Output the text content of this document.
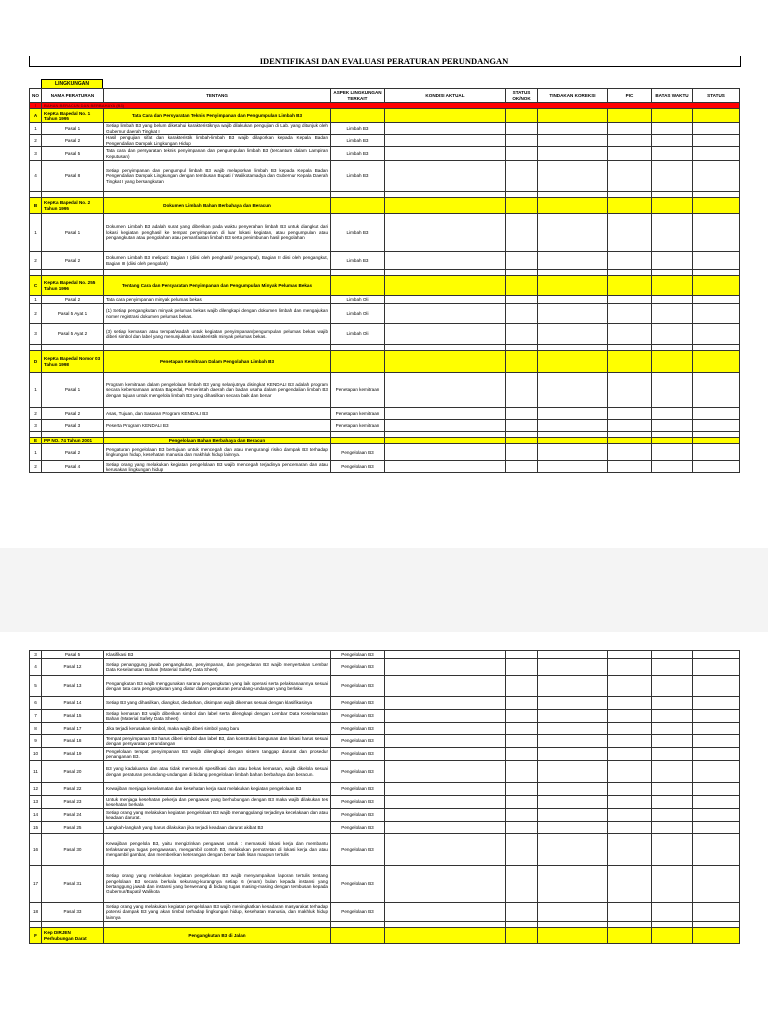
IDENTIFIKASI DAN EVALUASI PERATURAN PERUNDANGAN
LINGKUNGAN
NO	NAMA PERATURAN	TENTANG	ASPEK LINGKUNGAN TERKAIT	KONDISI AKTUAL	STATUS OK/NOK	TINDAKAN KOREKSI	PIC	BATAS WAKTU	STATUS
I	BAHAN BERACUN DAN BERBAHAYA (B3)								
A	KepKa Bapedal No. 1 Tahun 1995	Tata Cara dan Persyaratan Teknis Penyimpanan dan Pengumpulan Limbah B3							
1	Pasal 1	Setiap limbah B3 yang belum diketahui karakteristiknya wajib dilakukan pengujian di Lab. yang ditunjuk oleh Gubernur daerah Tingkat I	Limbah B3						
2	Pasal 2	Hasil pengujian sifat dan karakteristik limbah-limbah B3 wajib dilaporkan kepada Kepala Badan Pengendalian Dampak Lingkungan Hidup	Limbah B3						
3	Pasal 5	Tata cara dan persyaratan teknis penyimpanan dan pengumpulan limbah B3 (tercantum dalam Lampiran Keputusan)	Limbah B3						
4	Pasal 8	Setiap penyimpanan dan pengumpul limbah B3 wajib melaporkan limbah B3 kepada Kepala Badan Pengendalian Dampak Lingkungan dengan tembusan Bupati / Walikotamadya dan Gubernur Kepala Daerah Tingkat I yang bersangkutan	Limbah B3						

B	KepKa Bapedal No. 2 Tahun 1995	Dokumen Limbah Bahan Berbahaya dan Beracun							
1	Pasal 1	Dokumen Limbah B3 adalah surat yang diberikan pada waktu penyerahan limbah B3 untuk diangkut dari lokasi kegiatan penghasil ke tempat penyimpanan di luar lokasi kegiatan, atau pengumpulan atau pengangkutan atau pengolahan atau pemanfaatan limbah B3 serta penimbunan hasil pengolahan	Limbah B3						
2	Pasal 2	Dokumen Limbah B3 meliputi: Bagian I (diisi oleh penghasil/ pengumpul), Bagian II diisi oleh pengangkut, Bagian III (diisi oleh pengolah)	Limbah B3						

C	KepKa Bapedal No. 255 Tahun 1996	Tentang Cara dan Persyaratan Penyimpanan dan Pengumpulan Minyak Pelumas Bekas							
1	Pasal 2	Tata cara penyimpanan minyak pelumas bekas	Limbah Oli						
2	Pasal 5 Ayat 1	(1) Setiap pengangkutan minyak pelumas bekas wajib dilengkapi dengan dokumen limbah dan mengajukan nomer registrasi dokumen pelumas bekas.	Limbah Oli						
3	Pasal 5 Ayat 2	(3) setiap kemasan atau tempat/wadah untuk kegiatan penyimpanan/pengumpulan pelumas bekas wajib diberi simbol dan label yang menunjukkan karakteristik minyak pelumas bekas.	Limbah Oli						

D	KepKa Bapedal Nomor 03 Tahun 1998	Penetapan Kemitraan Dalam Pengolahan Limbah B3							
1	Pasal 1	Program kemitraan dalam pengelolaan limbah B3 yang selanjutnya disingkat KENDALI B3 adalah program secara kebersamaan antara Bapedal, Pemerintah daerah dan badan usaha dalam pengendalian limbah B3 dengan tujuan untuk mengelola limbah B3 yang dihasilkan secara baik dan benar	Penetapan kemitraan						
2	Pasal 2	Asas, Tujuan, dan Sasaran Program KENDALI B3	Penetapan kemitraan						
3	Pasal 3	Peserta Program KENDALI B3	Penetapan kemitraan						

E	PP NO. 74 Tahun 2001	Pengelolaan Bahan Berbahaya dan Beracun							
1	Pasal 2	Pengaturan pengelolaan B3 bertujuan untuk mencegah dan atau mengurangi risiko dampak B3 terhadap lingkungan hidup, kesehatan manusia dan makhluk hidup lainnya.	Pengelolaan B3						
2	Pasal 4	Setiap orang yang melakukan kegiatan pengelolaan B3 wajib mencegah terjadinya pencemaran dan atau kerusakan lingkungan hidup	Pengelolaan B3						
3	Pasal 5	Klasifikasi B3	Pengelolaan B3						
4	Pasal 12	Setiap penanggung jawab pengangkutan, penyimpanan, dan pengedaran B3 wajib menyertakan Lembar Data Keselamatan Bahan (Material Safety Data Sheet)	Pengelolaan B3						
5	Pasal 13	Pengangkutan B3 wajib menggunakan sarana pengangkutan yang laik operasi serta pelaksanaannya sesuai dengan tata cara pengangkutan yang diatur dalam peraturan perundang-undangan yang berlaku	Pengelolaan B3						
6	Pasal 14	Setiap B3 yang dihasilkan, diangkut, diedarkan, disimpan wajib dikemas sesuai dengan klasifikasinya	Pengelolaan B3						
7	Pasal 15	Setiap kemasan B3 wajib diberikan simbol dan label serta dilengkapi dengan Lembar Data Keselamatan Bahan (Material Safety Data Sheet)	Pengelolaan B3						
8	Pasal 17	Jika terjadi kerusakan simbol, maka wajib diberi simbol yang baru	Pengelolaan B3						
9	Pasal 18	Tempat penyimpanan B3 harus diberi simbol dan label B3, dan konstruksi bangunan dan lokasi harus sesuai dengan persyaratan perundangan	Pengelolaan B3						
10	Pasal 19	Pengelolaan tempat penyimpanan B3 wajib dilengkapi dengan sistem tanggap darurat dan prosedur penanganan B3.	Pengelolaan B3						
11	Pasal 20	B3 yang kadaluarsa dan atau tidak memenuhi spesifikasi dan atau bekas kemasan, wajib dikelola sesuai dengan peraturan perundang-undangan di bidang pengelolaan limbah bahan berbahaya dan beracun.	Pengelolaan B3						
12	Pasal 22	Kewajiban menjaga keselamatan dan kesehatan kerja saat melakukan kegiatan pengelolaan B3	Pengelolaan B3						
13	Pasal 23	Untuk menjaga kesehatan pekerja dan pengawas yang berhubungan dengan B3 maka wajib dilakukan tes kesehatan berkala	Pengelolaan B3						
14	Pasal 24	Setiap orang yang melakukan kegiatan pengelolaan B3 wajib menanggulangi terjadinya kecelakaan dan atau keadaan darurat.	Pengelolaan B3						
15	Pasal 25	Langkah-langkah yang harus dilakukan jika terjadi keadaan darurat akibat B3	Pengelolaan B3						
16	Pasal 30	Kewajiban pengelola B3, yaitu mengizinkan pengawas untuk : memasuki lokasi kerja dan membantu terlaksananya tugas pengawasan, mengambil contoh B3, melakukan pemotretan di lokasi kerja dan atau mengambil gambar, dan memberikan keterangan dengan benar baik lisan maupun tertulis	Pengelolaan B3						
17	Pasal 31	Setiap orang yang melakukan kegiatan pengelolaan B3 wajib menyampaikan laporan tertulis tentang pengelolaan B3 secara berkala sekurang-kurangnya setiap 6 (enam) bulan kepada instansi yang bertanggung jawab dan instansi yang berwenang di bidang tugas masing-masing dengan tembusan kepada Gubernur/Bupati/ Walikota	Pengelolaan B3						
18	Pasal 33	Setiap orang yang melakukan kegiatan pengelolaan B3 wajib meningkatkan kesadaran masyarakat terhadap potensi dampak B3 yang akan timbul terhadap lingkungan hidup, kesehatan manusia, dan makhluk hidup lainnya	Pengelolaan B3						

F	Kep DIRJEN Perhubungan Darat	Pengangkutan B3 di Jalan							
